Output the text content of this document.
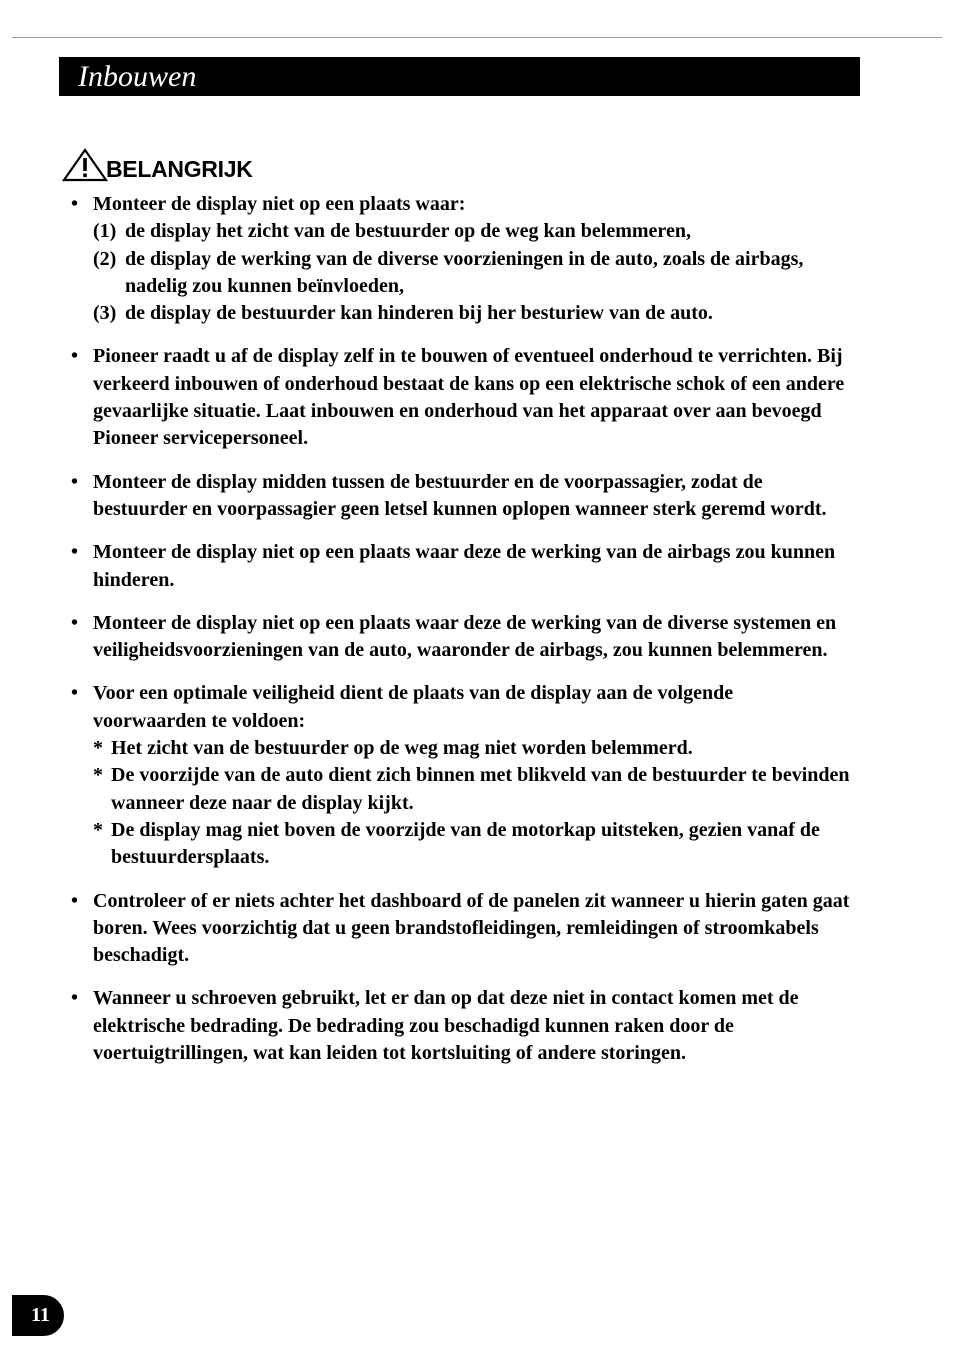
Inbouwen
BELANGRIJK
• Monteer de display niet op een plaats waar:
(1) de display het zicht van de bestuurder op de weg kan belemmeren,
(2) de display de werking van de diverse voorzieningen in de auto, zoals de airbags, nadelig zou kunnen beïnvloeden,
(3) de display de bestuurder kan hinderen bij her besturiew van de auto.
• Pioneer raadt u af de display zelf in te bouwen of eventueel onderhoud te verrichten. Bij verkeerd inbouwen of onderhoud bestaat de kans op een elektrische schok of een andere gevaarlijke situatie. Laat inbouwen en onderhoud van het apparaat over aan bevoegd Pioneer servicepersoneel.
• Monteer de display midden tussen de bestuurder en de voorpassagier, zodat de bestuurder en voorpassagier geen letsel kunnen oplopen wanneer sterk geremd wordt.
• Monteer de display niet op een plaats waar deze de werking van de airbags zou kunnen hinderen.
• Monteer de display niet op een plaats waar deze de werking van de diverse systemen en veiligheidsvoorzieningen van de auto, waaronder de airbags, zou kunnen belemmeren.
• Voor een optimale veiligheid dient de plaats van de display aan de volgende voorwaarden te voldoen:
* Het zicht van de bestuurder op de weg mag niet worden belemmerd.
* De voorzijde van de auto dient zich binnen met blikveld van de bestuurder te bevinden wanneer deze naar de display kijkt.
* De display mag niet boven de voorzijde van de motorkap uitsteken, gezien vanaf de bestuurdersplaats.
• Controleer of er niets achter het dashboard of de panelen zit wanneer u hierin gaten gaat boren. Wees voorzichtig dat u geen brandstofleidingen, remleidingen of stroomkabels beschadigt.
• Wanneer u schroeven gebruikt, let er dan op dat deze niet in contact komen met de elektrische bedrading. De bedrading zou beschadigd kunnen raken door de voertuigtrillingen, wat kan leiden tot kortsluiting of andere storingen.
11
